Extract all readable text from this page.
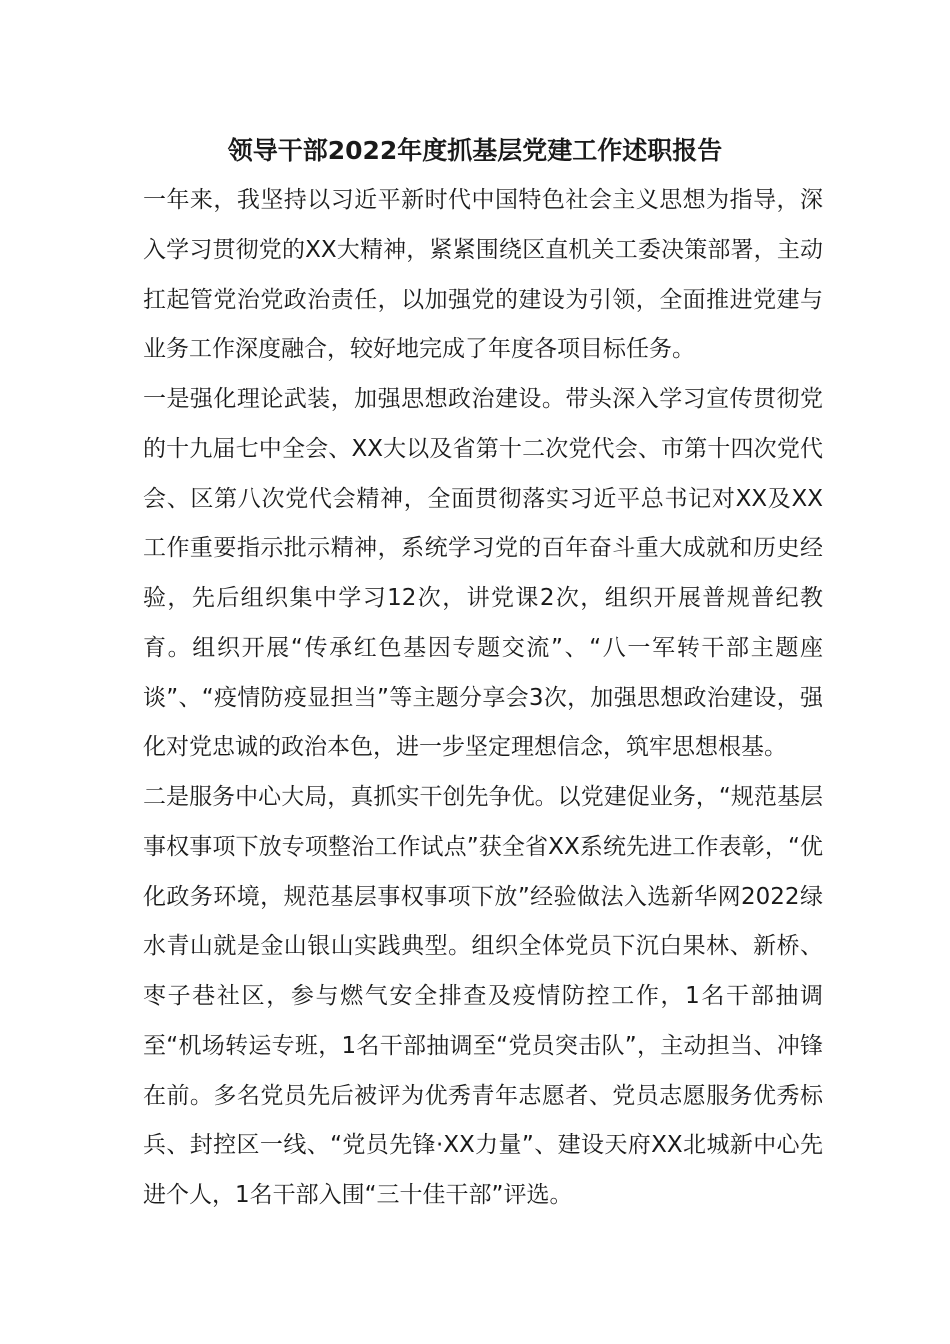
领导干部2022年度抓基层党建工作述职报告

一年来，我坚持以习近平新时代中国特色社会主义思想为指导，深入学习贯彻党的XX大精神，紧紧围绕区直机关工委决策部署，主动扛起管党治党政治责任，以加强党的建设为引领，全面推进党建与业务工作深度融合，较好地完成了年度各项目标任务。

一是强化理论武装，加强思想政治建设。带头深入学习宣传贯彻党的十九届七中全会、XX大以及省第十二次党代会、市第十四次党代会、区第八次党代会精神，全面贯彻落实习近平总书记对XX及XX工作重要指示批示精神，系统学习党的百年奋斗重大成就和历史经验，先后组织集中学习12次，讲党课2次，组织开展普规普纪教育。组织开展“传承红色基因专题交流”、“八一军转干部主题座谈”、“疫情防疫显担当”等主题分享会3次，加强思想政治建设，强化对党忠诚的政治本色，进一步坚定理想信念，筑牢思想根基。

二是服务中心大局，真抓实干创先争优。以党建促业务，“规范基层事权事项下放专项整治工作试点”获全省XX系统先进工作表彰，“优化政务环境，规范基层事权事项下放”经验做法入选新华网2022绿水青山就是金山银山实践典型。组织全体党员下沉白果林、新桥、枣子巷社区，参与燃气安全排查及疫情防控工作，1名干部抽调至“机场转运专班，1名干部抽调至“党员突击队”，主动担当、冲锋在前。多名党员先后被评为优秀青年志愿者、党员志愿服务优秀标兵、封控区一线、“党员先锋·XX力量”、建设天府XX北城新中心先进个人，1名干部入围“三十佳干部”评选。
